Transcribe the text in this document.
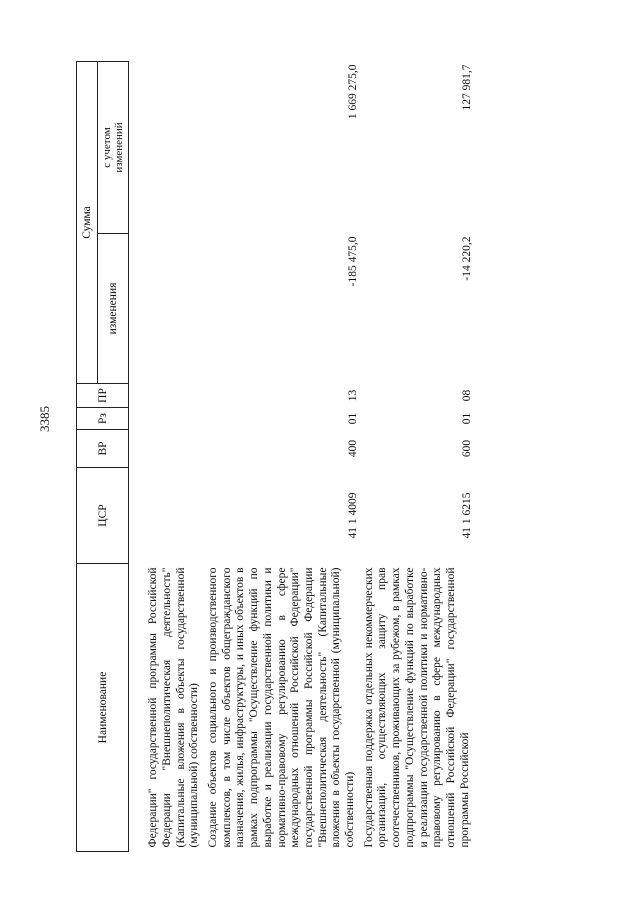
3385
Наименование	ЦСР	ВР	Рз	ПР	Сумма	
					изменения	с учетом
изменений
Федерации" государственной программы Российской Федерации "Внешнеполитическая деятельность" (Капитальные вложения в объекты государственной (муниципальной) собственности)						
Создание объектов социального и производственного комплексов, в том числе объектов общегражданского назначения, жилья, инфраструктуры, и иных объектов в рамках подпрограммы "Осуществление функций по выработке и реализации государственной политики и нормативно-правовому регулированию в сфере международных отношений Российской Федерации" государственной программы Российской Федерации "Внешнеполитическая деятельность" (Капитальные вложения в объекты государственной (муниципальной) собственности)	41 1 4009	400	01	13	-185 475,0	1 669 275,0
Государственная поддержка отдельных некоммерческих организаций, осуществляющих защиту прав соотечественников, проживающих за рубежом, в рамках подпрограммы "Осуществление функций по выработке и реализации государственной политики и нормативно-правовому регулированию в сфере международных отношений Российской Федерации" государственной программы Российской	41 1 6215	600	01	08	-14 220,2	127 981,7
